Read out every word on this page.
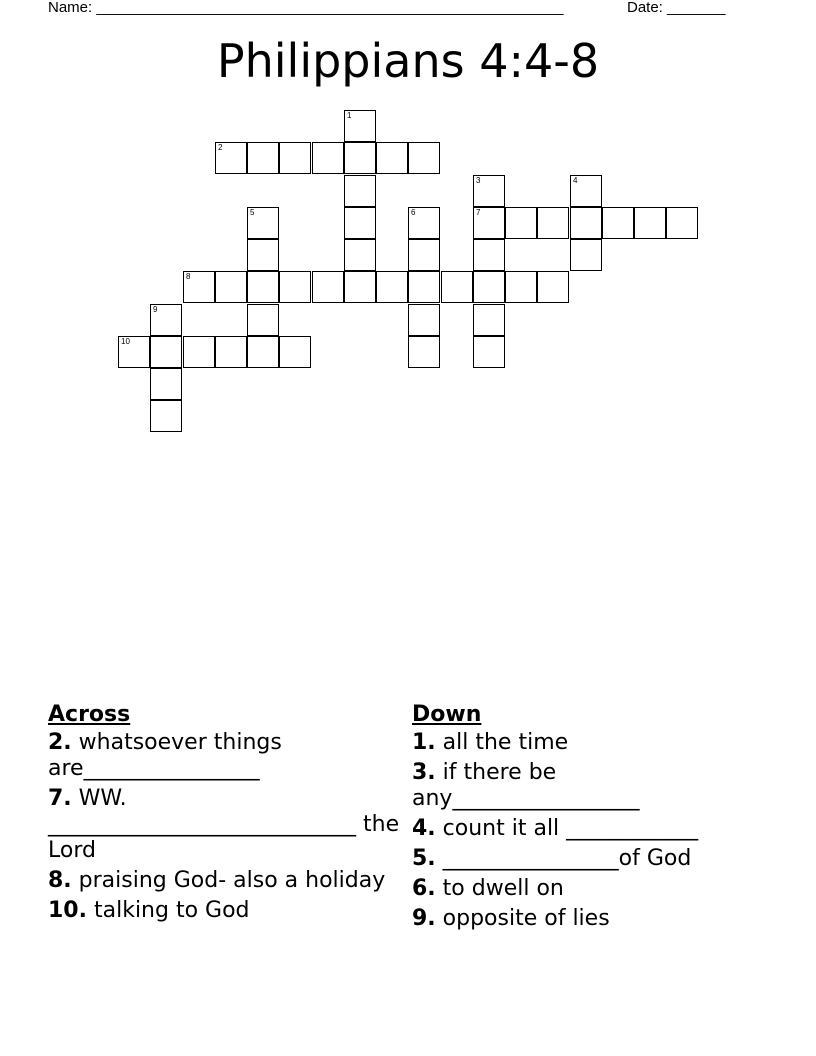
Name: ________________________________________________________	Date: _______
Philippians 4:4-8
1
2
3
7
4
5	6
8
9
10
Across
2. whatsoever things are________________
7. WW. ____________________________ the Lord
8. praising God- also a holiday
10. talking to God
Down
1. all the time
3. if there be any_________________
4. count it all ____________
5. ________________of God
6. to dwell on
9. opposite of lies
